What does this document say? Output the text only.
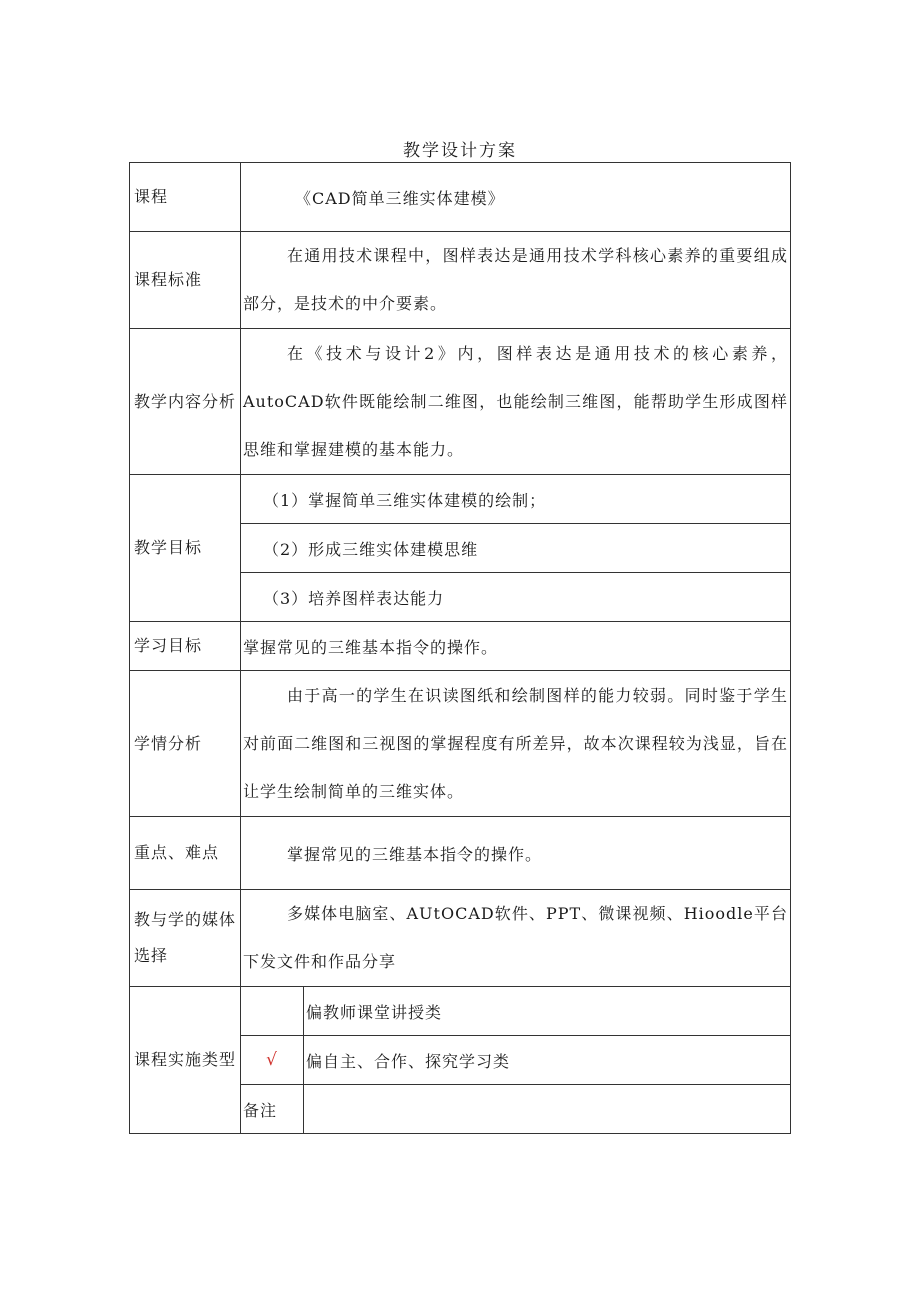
教学设计方案
课程	《CAD简单三维实体建模》	
课程标准	在通用技术课程中，图样表达是通用技术学科核心素养的重要组成部分，是技术的中介要素。	

教学内容分析	在《技术与设计2》内，图样表达是通用技术的核心素养，AutoCAD软件既能绘制二维图，也能绘制三维图，能帮助学生形成图样思维和掌握建模的基本能力。	

教学目标	（1）掌握简单三维实体建模的绘制；	
	（2）形成三维实体建模思维	
	（3）培养图样表达能力	
学习目标	掌握常见的三维基本指令的操作。	
学情分析	由于高一的学生在识读图纸和绘制图样的能力较弱。同时鉴于学生对前面二维图和三视图的掌握程度有所差异，故本次课程较为浅显，旨在让学生绘制简单的三维实体。	

重点、难点	掌握常见的三维基本指令的操作。	

教与学的媒体选择	多媒体电脑室、AUtOCAD软件、PPT、微课视频、Hioodle平台下发文件和作品分享	

课程实施类型		偏教师课堂讲授类
	√	偏自主、合作、探究学习类
	备注	
